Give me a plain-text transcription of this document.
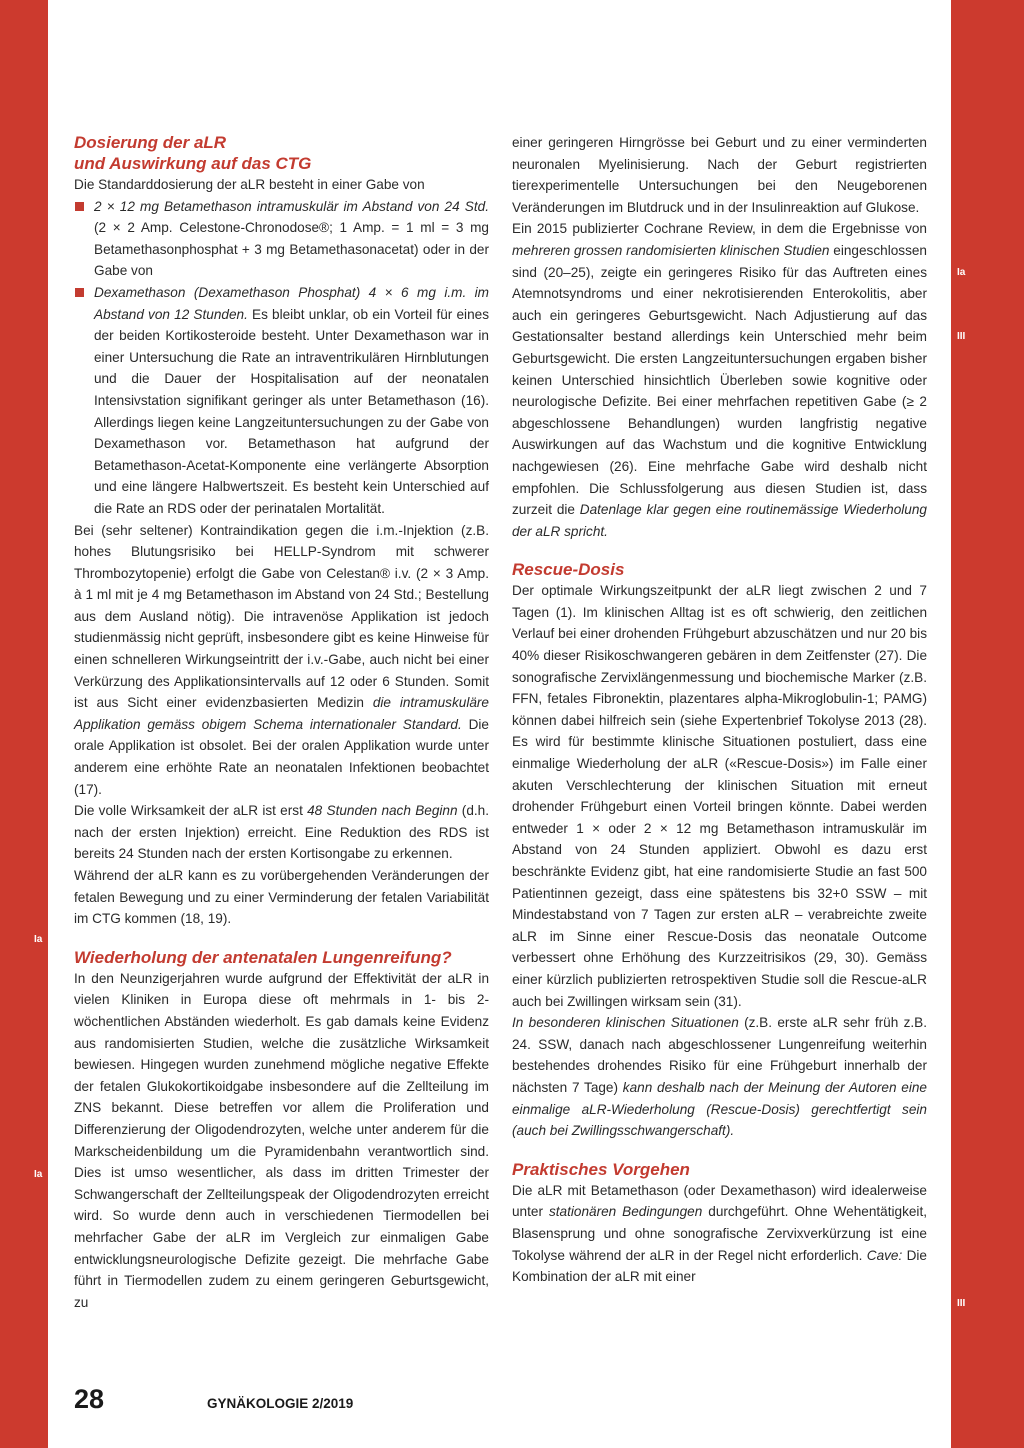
Ia
Ia
Ia
III
III
Dosierung der aLR
und Auswirkung auf das CTG

Die Standarddosierung der aLR besteht in einer Gabe von

2 × 12 mg Betamethason intramuskulär im Abstand von 24 Std. (2 × 2 Amp. Celestone-Chronodose®; 1 Amp. = 1 ml = 3 mg Betamethasonphosphat + 3 mg Betamethasonacetat) oder in der Gabe von
Dexamethason (Dexamethason Phosphat) 4 × 6 mg i.m. im Abstand von 12 Stunden. Es bleibt unklar, ob ein Vorteil für eines der beiden Kortikosteroide besteht. Unter Dexamethason war in einer Untersuchung die Rate an intraventrikulären Hirnblutungen und die Dauer der Hospitalisation auf der neonatalen Intensivstation signifikant geringer als unter Betamethason (16). Allerdings liegen keine Langzeituntersuchungen zu der Gabe von Dexamethason vor. Betamethason hat aufgrund der Betamethason-Acetat-Komponente eine verlängerte Absorption und eine längere Halbwertszeit. Es besteht kein Unterschied auf die Rate an RDS oder der perinatalen Mortalität.

Bei (sehr seltener) Kontraindikation gegen die i.m.-Injektion (z.B. hohes Blutungsrisiko bei HELLP-Syndrom mit schwerer Thrombozytopenie) erfolgt die Gabe von Celestan® i.v. (2 × 3 Amp. à 1 ml mit je 4 mg Betamethason im Abstand von 24 Std.; Bestellung aus dem Ausland nötig). Die intravenöse Applikation ist jedoch studienmässig nicht geprüft, insbesondere gibt es keine Hinweise für einen schnelleren Wirkungseintritt der i.v.-Gabe, auch nicht bei einer Verkürzung des Applikationsintervalls auf 12 oder 6 Stunden. Somit ist aus Sicht einer evidenzbasierten Medizin die intramuskuläre Applikation gemäss obigem Schema internationaler Standard. Die orale Applikation ist obsolet. Bei der oralen Applikation wurde unter anderem eine erhöhte Rate an neonatalen Infektionen beobachtet (17).

Die volle Wirksamkeit der aLR ist erst 48 Stunden nach Beginn (d.h. nach der ersten Injektion) erreicht. Eine Reduktion des RDS ist bereits 24 Stunden nach der ersten Kortisongabe zu erkennen.

Während der aLR kann es zu vorübergehenden Veränderungen der fetalen Bewegung und zu einer Verminderung der fetalen Variabilität im CTG kommen (18, 19).

Wiederholung der antenatalen Lungenreifung?

In den Neunzigerjahren wurde aufgrund der Effektivität der aLR in vielen Kliniken in Europa diese oft mehrmals in 1- bis 2-wöchentlichen Abständen wiederholt. Es gab damals keine Evidenz aus randomisierten Studien, welche die zusätzliche Wirksamkeit bewiesen. Hingegen wurden zunehmend mögliche negative Effekte der fetalen Glukokortikoidgabe insbesondere auf die Zellteilung im ZNS bekannt. Diese betreffen vor allem die Proliferation und Differenzierung der Oligodendrozyten, welche unter anderem für die Markscheidenbildung um die Pyramidenbahn verantwortlich sind. Dies ist umso wesentlicher, als dass im dritten Trimester der Schwangerschaft der Zellteilungspeak der Oligodendrozyten erreicht wird. So wurde denn auch in verschiedenen Tiermodellen bei mehrfacher Gabe der aLR im Vergleich zur einmaligen Gabe entwicklungsneurologische Defizite gezeigt. Die mehrfache Gabe führt in Tiermodellen zudem zu einem geringeren Geburtsgewicht, zu

einer geringeren Hirngrösse bei Geburt und zu einer verminderten neuronalen Myelinisierung. Nach der Geburt registrierten tierexperimentelle Untersuchungen bei den Neugeborenen Veränderungen im Blutdruck und in der Insulinreaktion auf Glukose.

Ein 2015 publizierter Cochrane Review, in dem die Ergebnisse von mehreren grossen randomisierten klinischen Studien eingeschlossen sind (20–25), zeigte ein geringeres Risiko für das Auftreten eines Atemnotsyndroms und einer nekrotisierenden Enterokolitis, aber auch ein geringeres Geburtsgewicht. Nach Adjustierung auf das Gestationsalter bestand allerdings kein Unterschied mehr beim Geburtsgewicht. Die ersten Langzeituntersuchungen ergaben bisher keinen Unterschied hinsichtlich Überleben sowie kognitive oder neurologische Defizite. Bei einer mehrfachen repetitiven Gabe (≥ 2 abgeschlossene Behandlungen) wurden langfristig negative Auswirkungen auf das Wachstum und die kognitive Entwicklung nachgewiesen (26). Eine mehrfache Gabe wird deshalb nicht empfohlen. Die Schlussfolgerung aus diesen Studien ist, dass zurzeit die Datenlage klar gegen eine routinemässige Wiederholung der aLR spricht.

Rescue-Dosis

Der optimale Wirkungszeitpunkt der aLR liegt zwischen 2 und 7 Tagen (1). Im klinischen Alltag ist es oft schwierig, den zeitlichen Verlauf bei einer drohenden Frühgeburt abzuschätzen und nur 20 bis 40% dieser Risikoschwangeren gebären in dem Zeitfenster (27). Die sonografische Zervixlängenmessung und biochemische Marker (z.B. FFN, fetales Fibronektin, plazentares alpha-Mikroglobulin-1; PAMG) können dabei hilfreich sein (siehe Expertenbrief Tokolyse 2013 (28). Es wird für bestimmte klinische Situationen postuliert, dass eine einmalige Wiederholung der aLR («Rescue-Dosis») im Falle einer akuten Verschlechterung der klinischen Situation mit erneut drohender Frühgeburt einen Vorteil bringen könnte. Dabei werden entweder 1 × oder 2 × 12 mg Betamethason intramuskulär im Abstand von 24 Stunden appliziert. Obwohl es dazu erst beschränkte Evidenz gibt, hat eine randomisierte Studie an fast 500 Patientinnen gezeigt, dass eine spätestens bis 32+0 SSW – mit Mindestabstand von 7 Tagen zur ersten aLR – verabreichte zweite aLR im Sinne einer Rescue-Dosis das neonatale Outcome verbessert ohne Erhöhung des Kurzzeitrisikos (29, 30). Gemäss einer kürzlich publizierten retrospektiven Studie soll die Rescue-aLR auch bei Zwillingen wirksam sein (31).

In besonderen klinischen Situationen (z.B. erste aLR sehr früh z.B. 24. SSW, danach nach abgeschlossener Lungenreifung weiterhin bestehendes drohendes Risiko für eine Frühgeburt innerhalb der nächsten 7 Tage) kann deshalb nach der Meinung der Autoren eine einmalige aLR-Wiederholung (Rescue-Dosis) gerechtfertigt sein (auch bei Zwillingsschwangerschaft).

Praktisches Vorgehen

Die aLR mit Betamethason (oder Dexamethason) wird idealerweise unter stationären Bedingungen durchgeführt. Ohne Wehentätigkeit, Blasensprung und ohne sonografische Zervixverkürzung ist eine Tokolyse während der aLR in der Regel nicht erforderlich. Cave: Die Kombination der aLR mit einer

28	GYNÄKOLOGIE 2/2019
